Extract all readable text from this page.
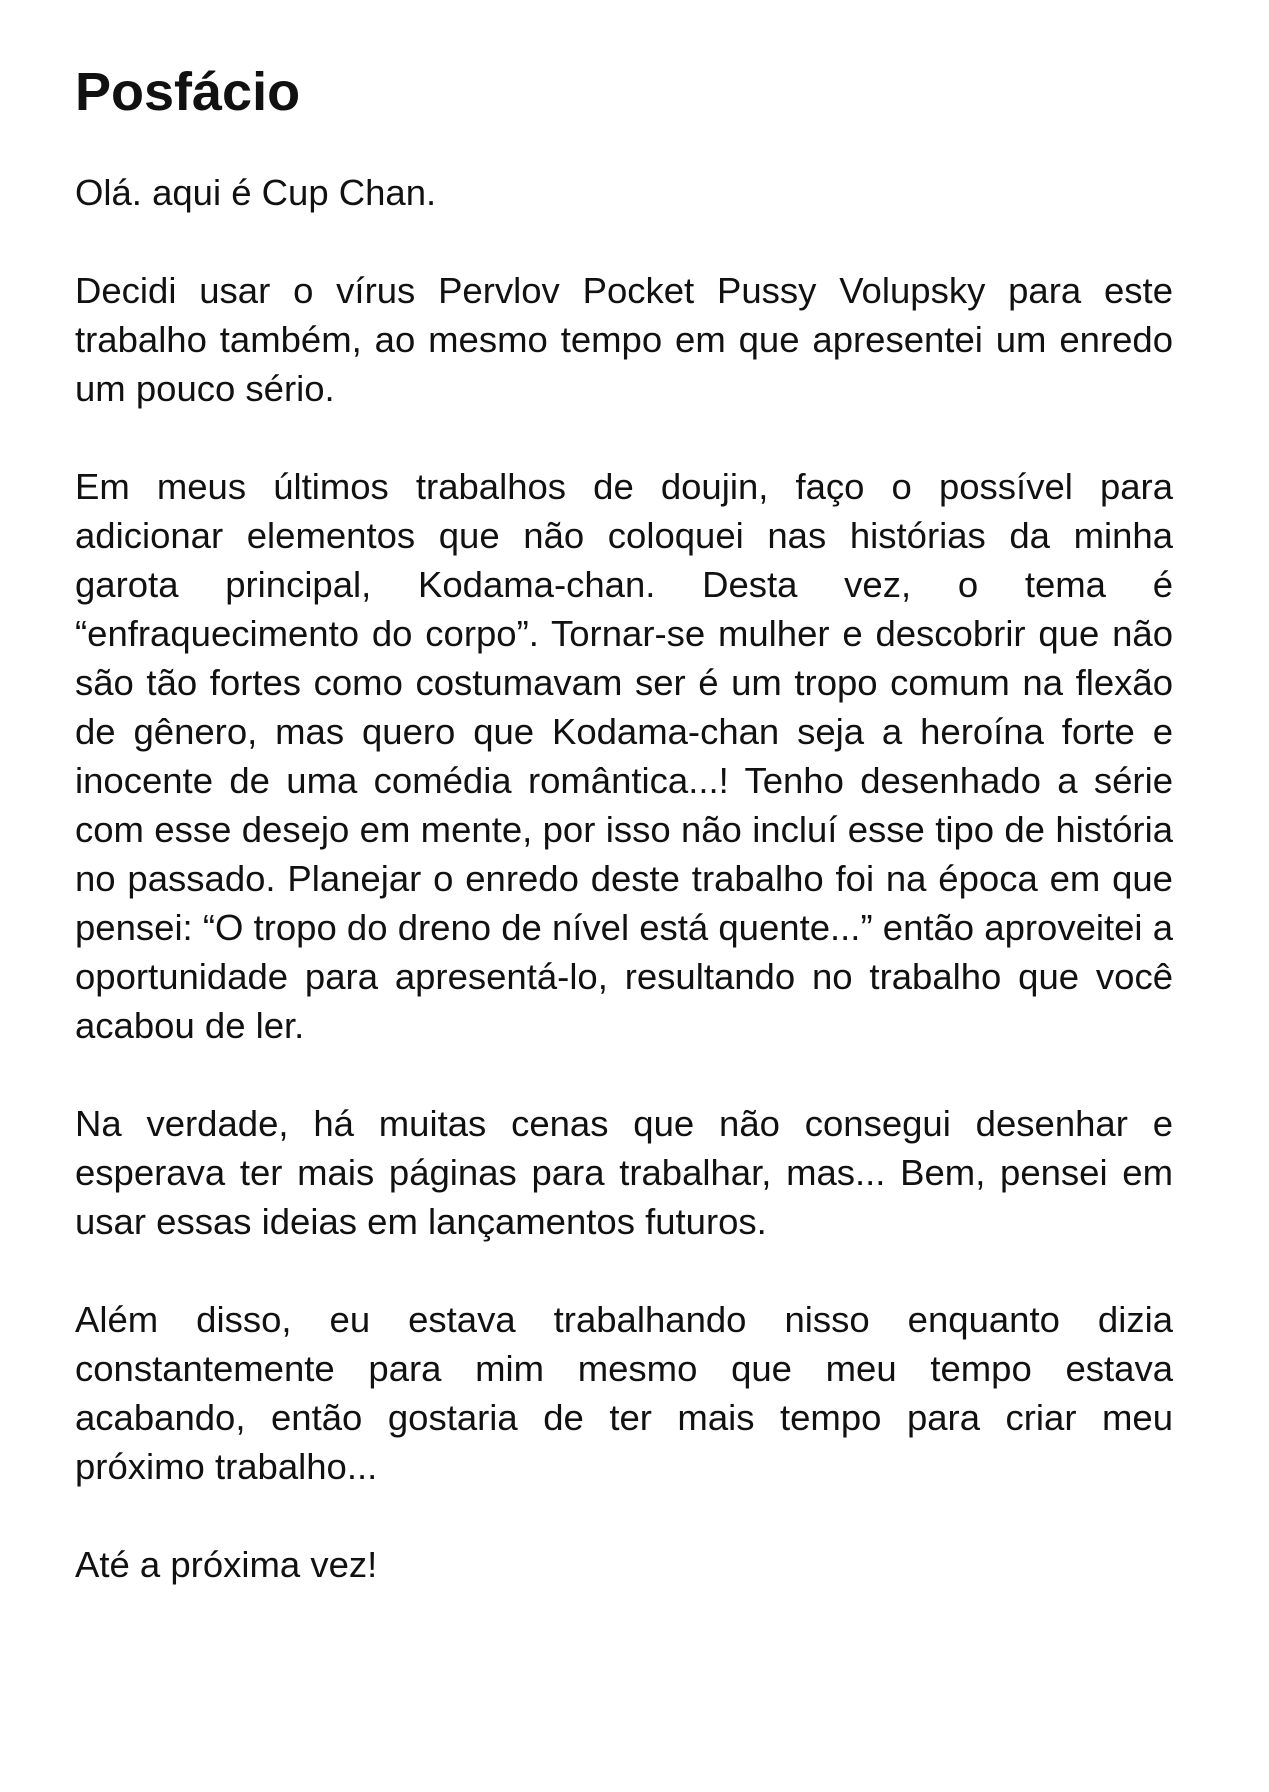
Posfácio

Olá. aqui é Cup Chan.

Decidi usar o vírus Pervlov Pocket Pussy Volupsky para este trabalho também, ao mesmo tempo em que apresentei um enredo um pouco sério.

Em meus últimos trabalhos de doujin, faço o possível para adicionar elementos que não coloquei nas histórias da minha garota principal, Kodama-chan. Desta vez, o tema é “enfraquecimento do corpo”. Tornar-se mulher e descobrir que não são tão fortes como costumavam ser é um tropo comum na flexão de gênero, mas quero que Kodama-chan seja a heroína forte e inocente de uma comédia romântica...! Tenho desenhado a série com esse desejo em mente, por isso não incluí esse tipo de história no passado. Planejar o enredo deste trabalho foi na época em que pensei: “O tropo do dreno de nível está quente...” então aproveitei a oportunidade para apresentá-lo, resultando no trabalho que você acabou de ler.

Na verdade, há muitas cenas que não consegui desenhar e esperava ter mais páginas para trabalhar, mas... Bem, pensei em usar essas ideias em lançamentos futuros.

Além disso, eu estava trabalhando nisso enquanto dizia constantemente para mim mesmo que meu tempo estava acabando, então gostaria de ter mais tempo para criar meu próximo trabalho...

Até a próxima vez!
